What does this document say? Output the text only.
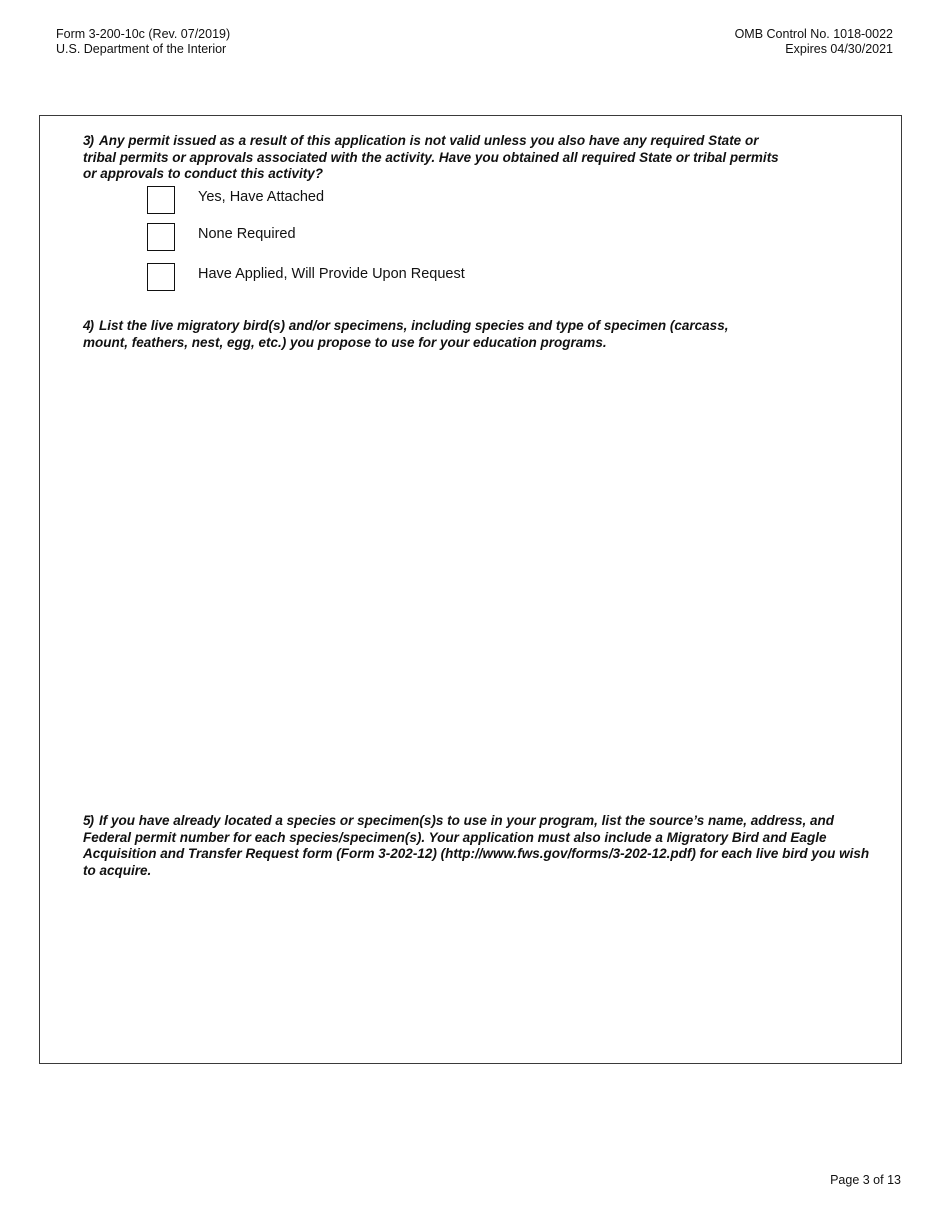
Form 3-200-10c (Rev. 07/2019)
U.S. Department of the Interior
OMB Control No. 1018-0022
Expires 04/30/2021
3) Any permit issued as a result of this application is not valid unless you also have any required State or tribal permits or approvals associated with the activity. Have you obtained all required State or tribal permits or approvals to conduct this activity?
Yes, Have Attached
None Required
Have Applied, Will Provide Upon Request
4) List the live migratory bird(s) and/or specimens, including species and type of specimen (carcass, mount, feathers, nest, egg, etc.) you propose to use for your education programs.
5) If you have already located a species or specimen(s)s to use in your program, list the source’s name, address, and Federal permit number for each species/specimen(s). Your application must also include a Migratory Bird and Eagle Acquisition and Transfer Request form (Form 3-202-12) (http://www.fws.gov/forms/3-202-12.pdf) for each live bird you wish to acquire.
Page 3 of 13
